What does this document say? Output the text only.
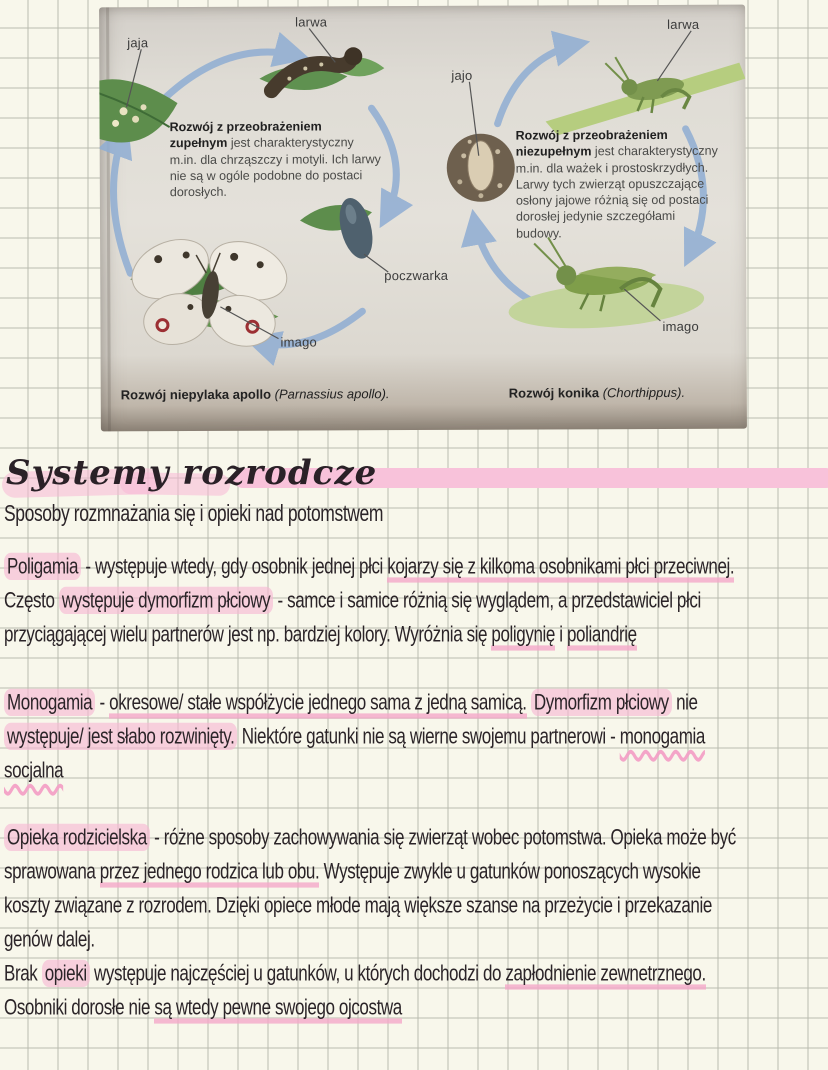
jaja
larwa
poczwarka
imago
jajo
larwa
imago
Rozwój z przeobrażeniem zupełnym jest charakterystyczny m.in. dla chrząszczy i motyli. Ich larwy nie są w ogóle podobne do postaci dorosłych.
Rozwój z przeobrażeniem niezupełnym jest charakterystyczny m.in. dla ważek i prostoskrzydłych. Larwy tych zwierząt opuszczające osłony jajowe różnią się od postaci dorosłej jedynie szczegółami budowy.
Rozwój niepylaka apollo (Parnassius apollo).	Rozwój konika (Chorthippus).
Systemy rozrodcze
Sposoby rozmnażania się i opieki nad potomstwem
Poligamia - występuje wtedy, gdy osobnik jednej płci kojarzy się z kilkoma osobnikami płci przeciwnej.
Często występuje dymorfizm płciowy - samce i samice różnią się wyglądem, a przedstawiciel płci
przyciągającej wielu partnerów jest np. bardziej kolory. Wyróżnia się poligynię i poliandrię
Monogamia - okresowe/ stałe współżycie jednego sama z jedną samicą. Dymorfizm płciowy nie
występuje/ jest słabo rozwinięty. Niektóre gatunki nie są wierne swojemu partnerowi - monogamia
socjalna
Opieka rodzicielska - różne sposoby zachowywania się zwierząt wobec potomstwa. Opieka może być
sprawowana przez jednego rodzica lub obu. Występuje zwykle u gatunków ponoszących wysokie
koszty związane z rozrodem. Dzięki opiece młode mają większe szanse na przeżycie i przekazanie
genów dalej.
Brak opieki występuje najczęściej u gatunków, u których dochodzi do zapłodnienie zewnetrznego.
Osobniki dorosłe nie są wtedy pewne swojego ojcostwa
